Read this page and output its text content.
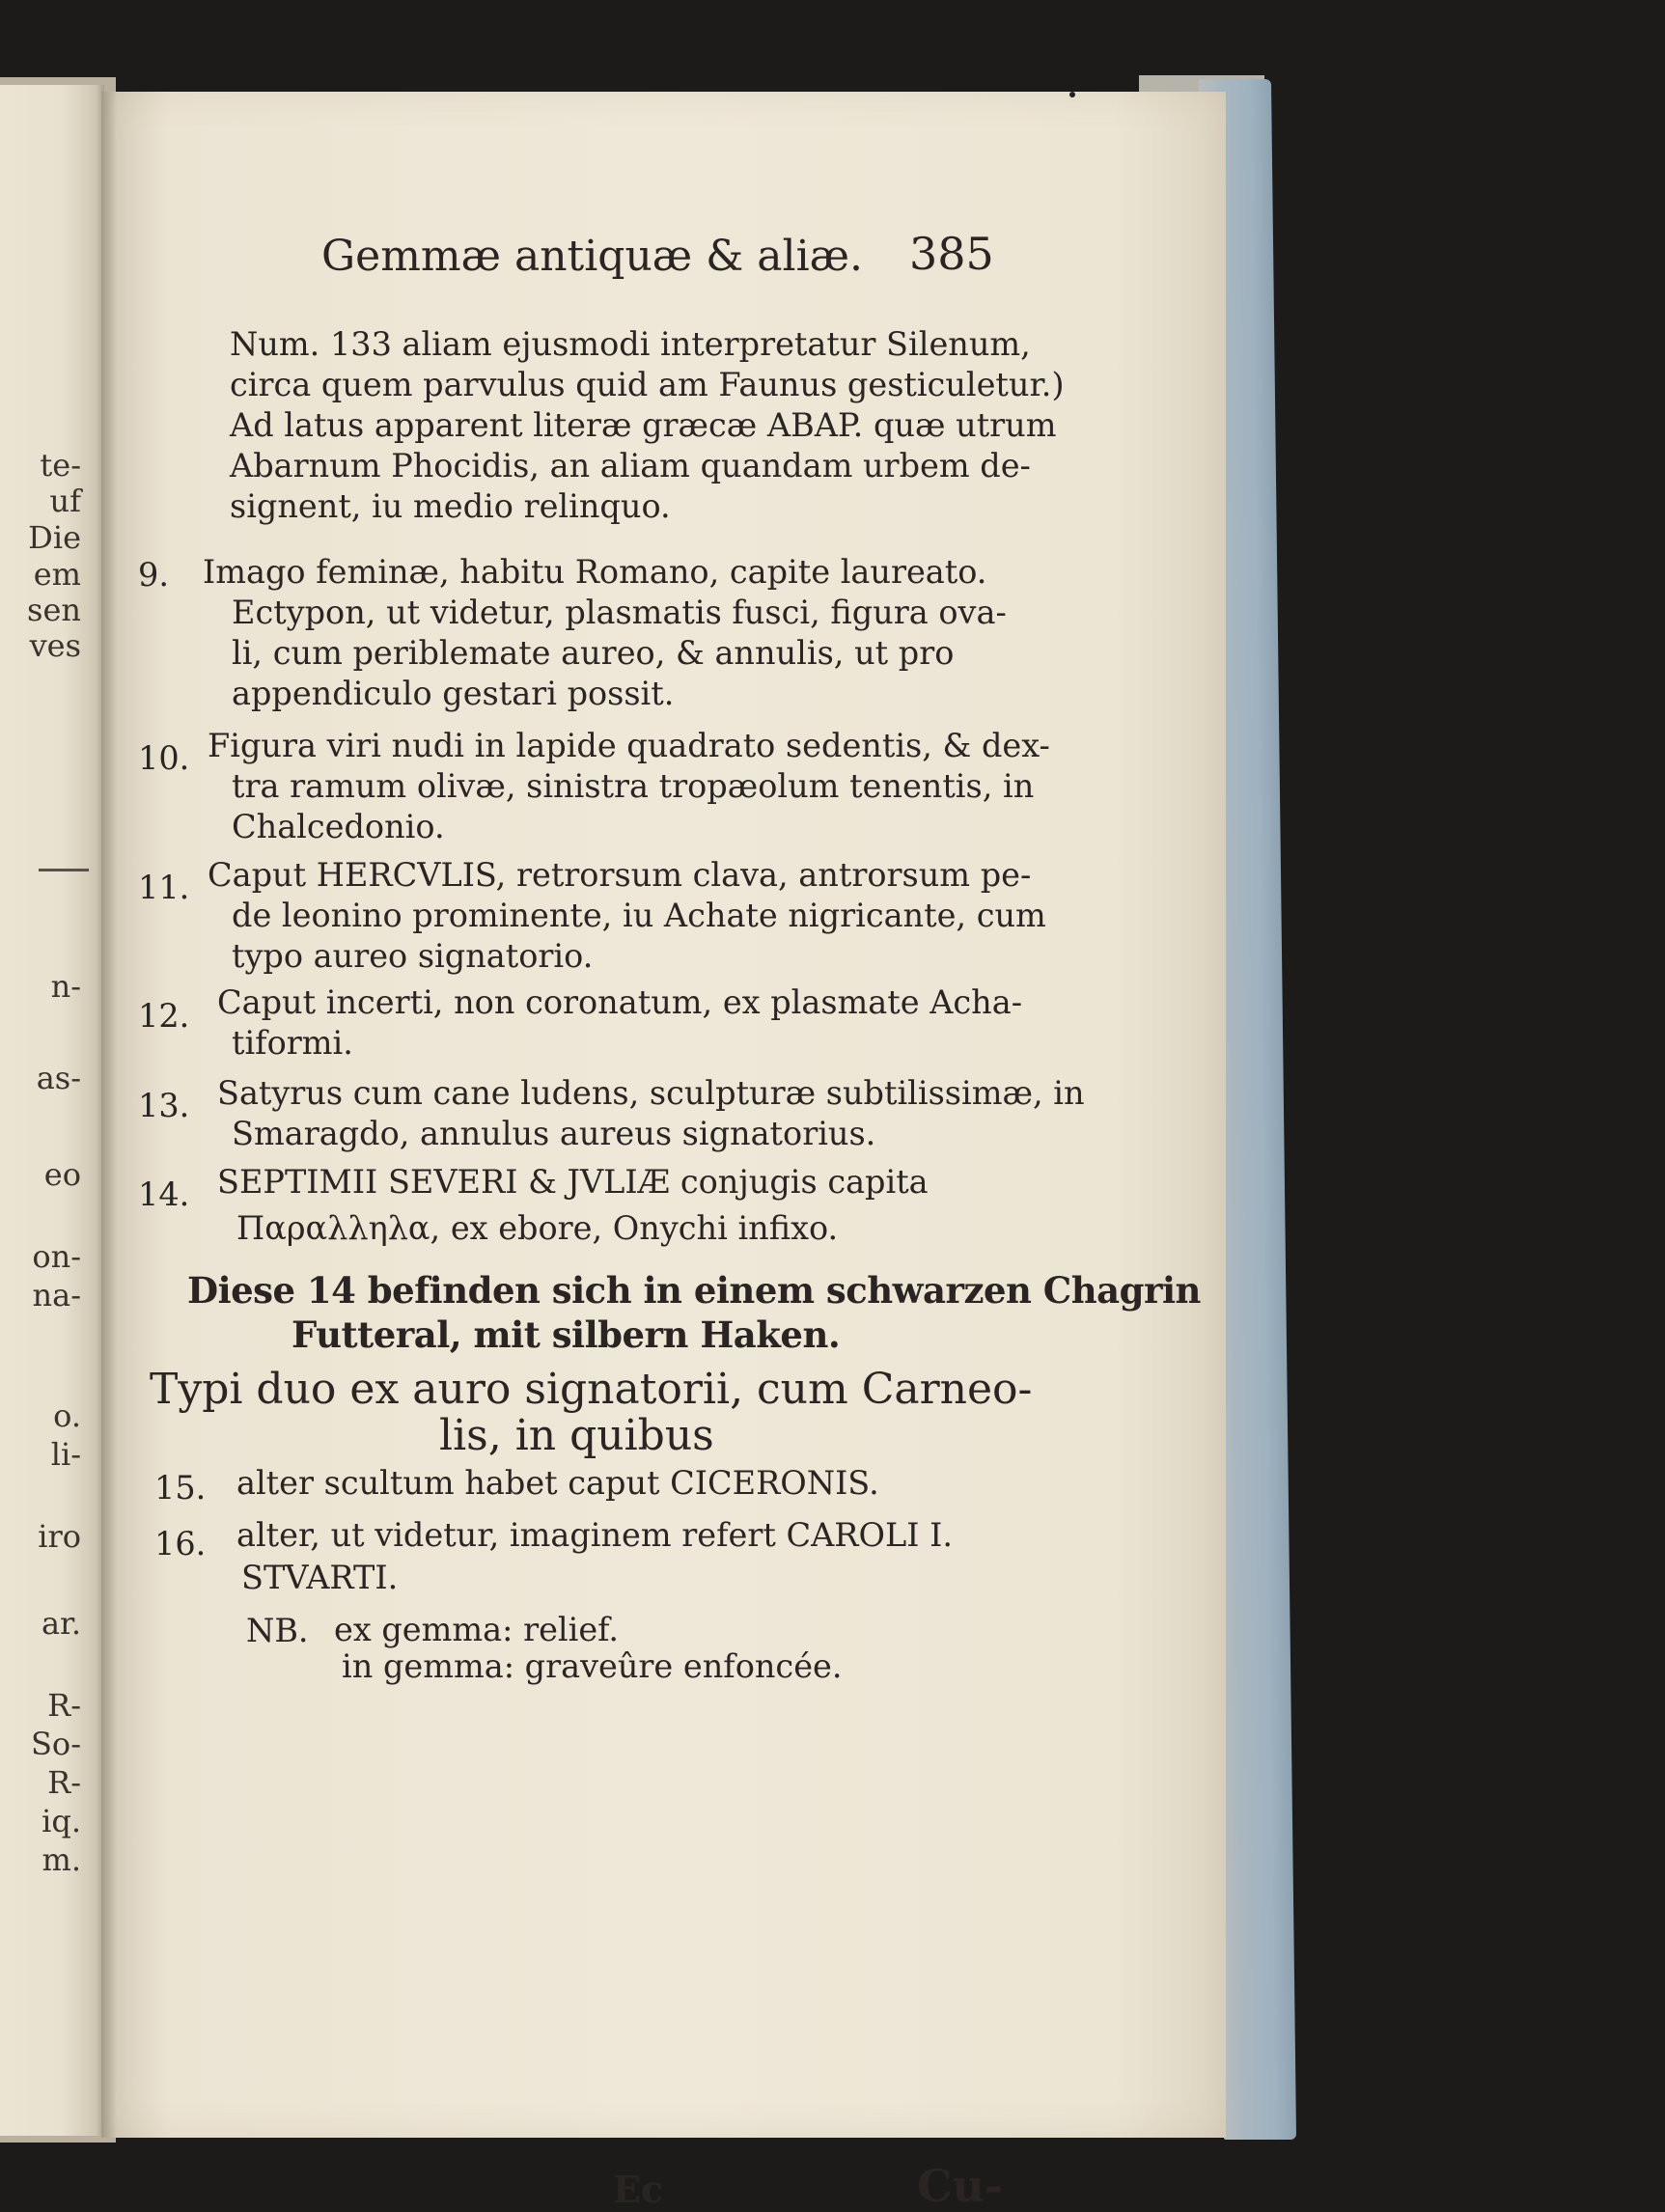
te-
uf
Die
em
sen
ves
n-
as-
eo
on-
na-
o.
li-
iro
ar.
R-
So-
R-
iq.
m.
Gemmæ antiquæ & aliæ. 385
Num. 133 aliam ejusmodi interpretatur Silenum,
circa quem parvulus quid am Faunus gesticuletur.)
Ad latus apparent literæ græcæ ABAP. quæ utrum
Abarnum Phocidis, an aliam quandam urbem de-
signent, iu medio relinquo.
9. Imago feminæ, habitu Romano, capite laureato.
Ectypon, ut videtur, plasmatis fusci, figura ova-
li, cum periblemate aureo, & annulis, ut pro
appendiculo gestari possit.
10. Figura viri nudi in lapide quadrato sedentis, & dex-
tra ramum olivæ, sinistra tropæolum tenentis, in
Chalcedonio.
11. Caput HERCVLIS, retrorsum clava, antrorsum pe-
de leonino prominente, iu Achate nigricante, cum
typo aureo signatorio.
12. Caput incerti, non coronatum, ex plasmate Acha-
tiformi.
13. Satyrus cum cane ludens, sculpturæ subtilissimæ, in
Smaragdo, annulus aureus signatorius.
14. SEPTIMII SEVERI & JVLIÆ conjugis capita
Παραλληλα, ex ebore, Onychi infixo.
Diese 14 befinden sich in einem schwarzen Chagrin
Futteral, mit silbern Haken.
Typi duo ex auro signatorii, cum Carneo-
lis, in quibus
15. alter scultum habet caput CICERONIS.
16. alter, ut videtur, imaginem refert CAROLI I.
STVARTI.
NB. ex gemma: relief.
in gemma: graveûre enfoncée.
Ec	Cu-
